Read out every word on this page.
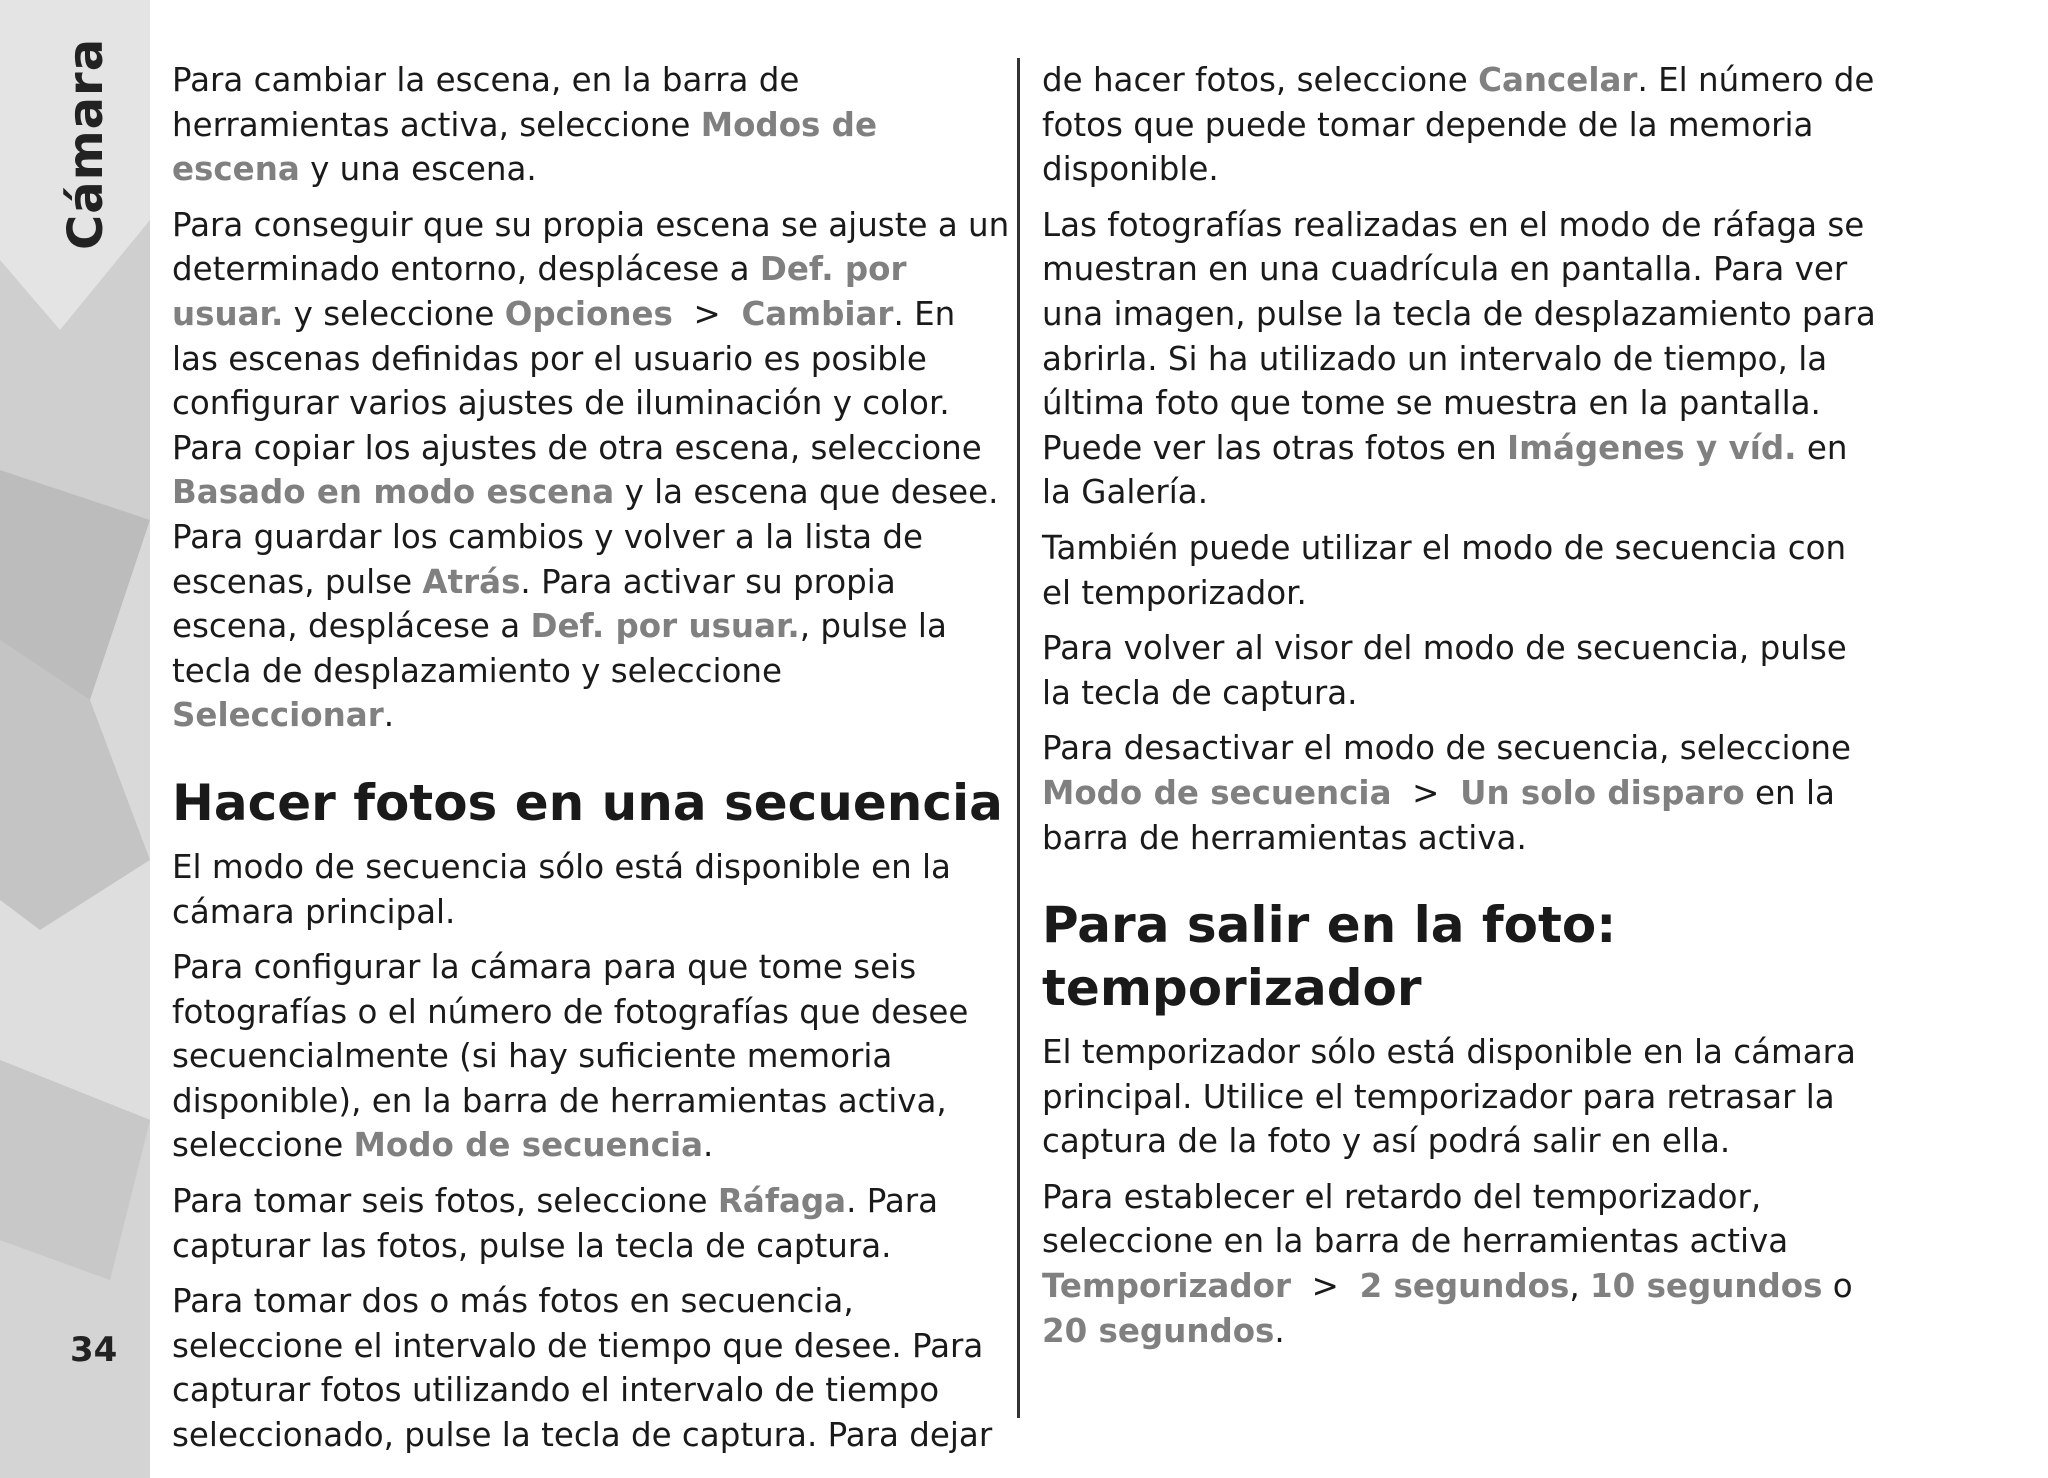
Cámara
34

Para cambiar la escena, en la barra de herramientas activa, seleccione Modos de escena y una escena.

Para conseguir que su propia escena se ajuste a un determinado entorno, desplácese a Def. por usuar. y seleccione Opciones  >  Cambiar. En las escenas definidas por el usuario es posible configurar varios ajustes de iluminación y color. Para copiar los ajustes de otra escena, seleccione Basado en modo escena y la escena que desee. Para guardar los cambios y volver a la lista de escenas, pulse Atrás. Para activar su propia escena, desplácese a Def. por usuar., pulse la tecla de desplazamiento y seleccione Seleccionar.

Hacer fotos en una secuencia

El modo de secuencia sólo está disponible en la cámara principal.

Para configurar la cámara para que tome seis fotografías o el número de fotografías que desee secuencialmente (si hay suficiente memoria disponible), en la barra de herramientas activa, seleccione Modo de secuencia.

Para tomar seis fotos, seleccione Ráfaga. Para capturar las fotos, pulse la tecla de captura.

Para tomar dos o más fotos en secuencia, seleccione el intervalo de tiempo que desee. Para capturar fotos utilizando el intervalo de tiempo seleccionado, pulse la tecla de captura. Para dejar

de hacer fotos, seleccione Cancelar. El número de fotos que puede tomar depende de la memoria disponible.

Las fotografías realizadas en el modo de ráfaga se muestran en una cuadrícula en pantalla. Para ver una imagen, pulse la tecla de desplazamiento para abrirla. Si ha utilizado un intervalo de tiempo, la última foto que tome se muestra en la pantalla. Puede ver las otras fotos en Imágenes y víd. en la Galería.

También puede utilizar el modo de secuencia con el temporizador.

Para volver al visor del modo de secuencia, pulse la tecla de captura.

Para desactivar el modo de secuencia, seleccione Modo de secuencia  >  Un solo disparo en la barra de herramientas activa.

Para salir en la foto: temporizador

El temporizador sólo está disponible en la cámara principal. Utilice el temporizador para retrasar la captura de la foto y así podrá salir en ella.

Para establecer el retardo del temporizador, seleccione en la barra de herramientas activa Temporizador  >  2 segundos, 10 segundos o 20 segundos.
